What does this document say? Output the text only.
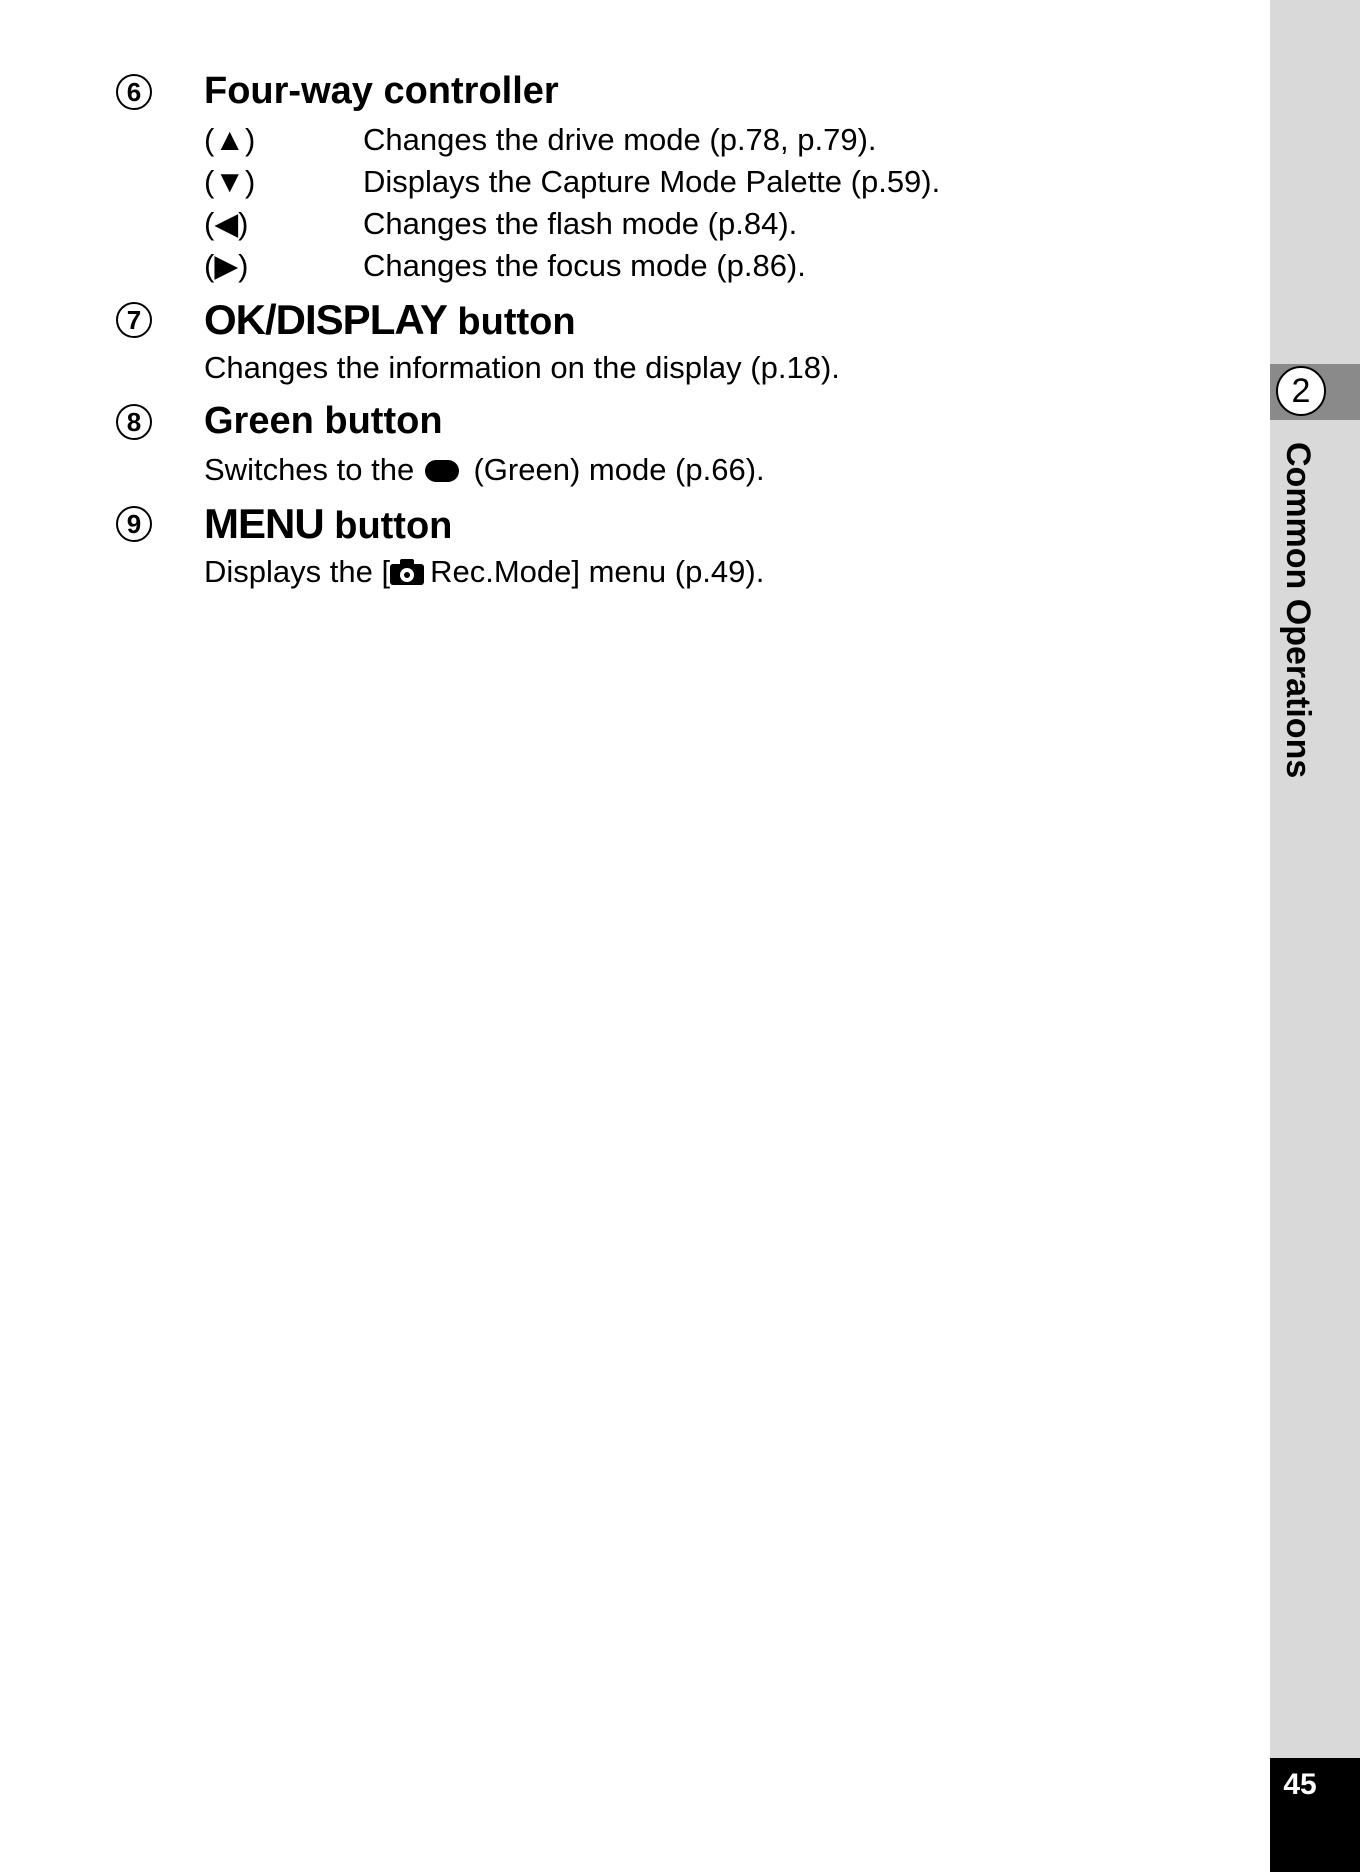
6 Four-way controller
(▲)	Changes the drive mode (p.78, p.79).
(▼)	Displays the Capture Mode Palette (p.59).
(◀)	Changes the flash mode (p.84).
(▶)	Changes the focus mode (p.86).
7 OK/DISPLAY button
Changes the information on the display (p.18).
8 Green button
Switches to the (Green) mode (p.66).
9 MENU button
Displays the [ Rec.Mode] menu (p.49).
2
Common Operations
45
